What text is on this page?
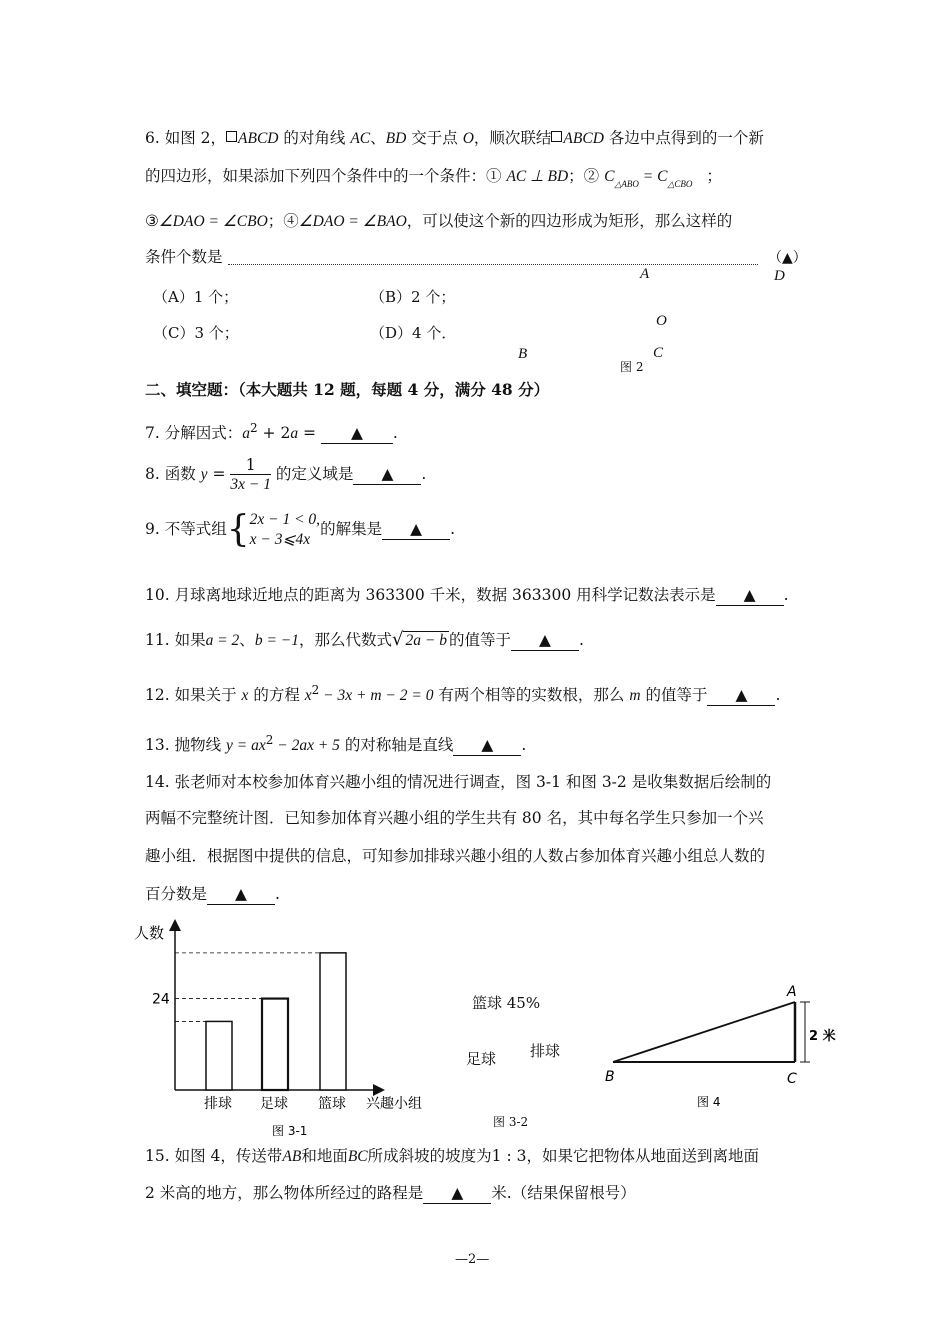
6. 如图 2， ABCD 的对角线 AC、BD 交于点 O，顺次联结 ABCD 各边中点得到的一个新
的四边形，如果添加下列四个条件中的一个条件：① AC ⊥ BD；② $C_{\triangle ABO} = C_{\triangle CBO}$ ；
③∠DAO = ∠CBO；④∠DAO = ∠BAO，可以使这个新的四边形成为矩形，那么这样的
条件个数是	（▲）
（A）1 个；	（B）2 个；
（C）3 个；	（D）4 个．
A	D
O
B	C
图 2
二、填空题：（本大题共 12 题，每题 4 分，满分 48 分）
7. 分解因式：$a^2 + 2a$ = ▲ .
8. 函数 $y = \frac{1}{3x - 1}$ 的定义域是 ▲ .
9. 不等式组{ 2x − 1 < 0,
x − 3⩽4x
的解集是 ▲ .
10. 月球离地球近地点的距离为 363300 千米，数据 363300 用科学记数法表示是 ▲ .
11. 如果a = 2、b = −1，那么代数式√ 2a − b 的值等于 ▲ .
12. 如果关于 x 的方程 $x^2 - 3x + m - 2 = 0$ 有两个相等的实数根，那么 m 的值等于 ▲ .
13. 抛物线 $y = ax^2 - 2ax + 5$ 的对称轴是直线 ▲ .
14. 张老师对本校参加体育兴趣小组的情况进行调查，图 3-1 和图 3-2 是收集数据后绘制的
两幅不完整统计图．已知参加体育兴趣小组的学生共有 80 名，其中每名学生只参加一个兴
趣小组．根据图中提供的信息，可知参加排球兴趣小组的人数占参加体育兴趣小组总人数的
百分数是 ▲ .
人数
24
排球 足球 篮球 兴趣小组
图 3-1
篮球 45%
足球 排球
图 3-2
A
B	C
2 米
图 4
15. 如图 4，传送带AB和地面BC所成斜坡的坡度为1 : 3，如果它把物体从地面送到离地面
2 米高的地方，那么物体所经过的路程是 ▲ 米.（结果保留根号）
—2—
